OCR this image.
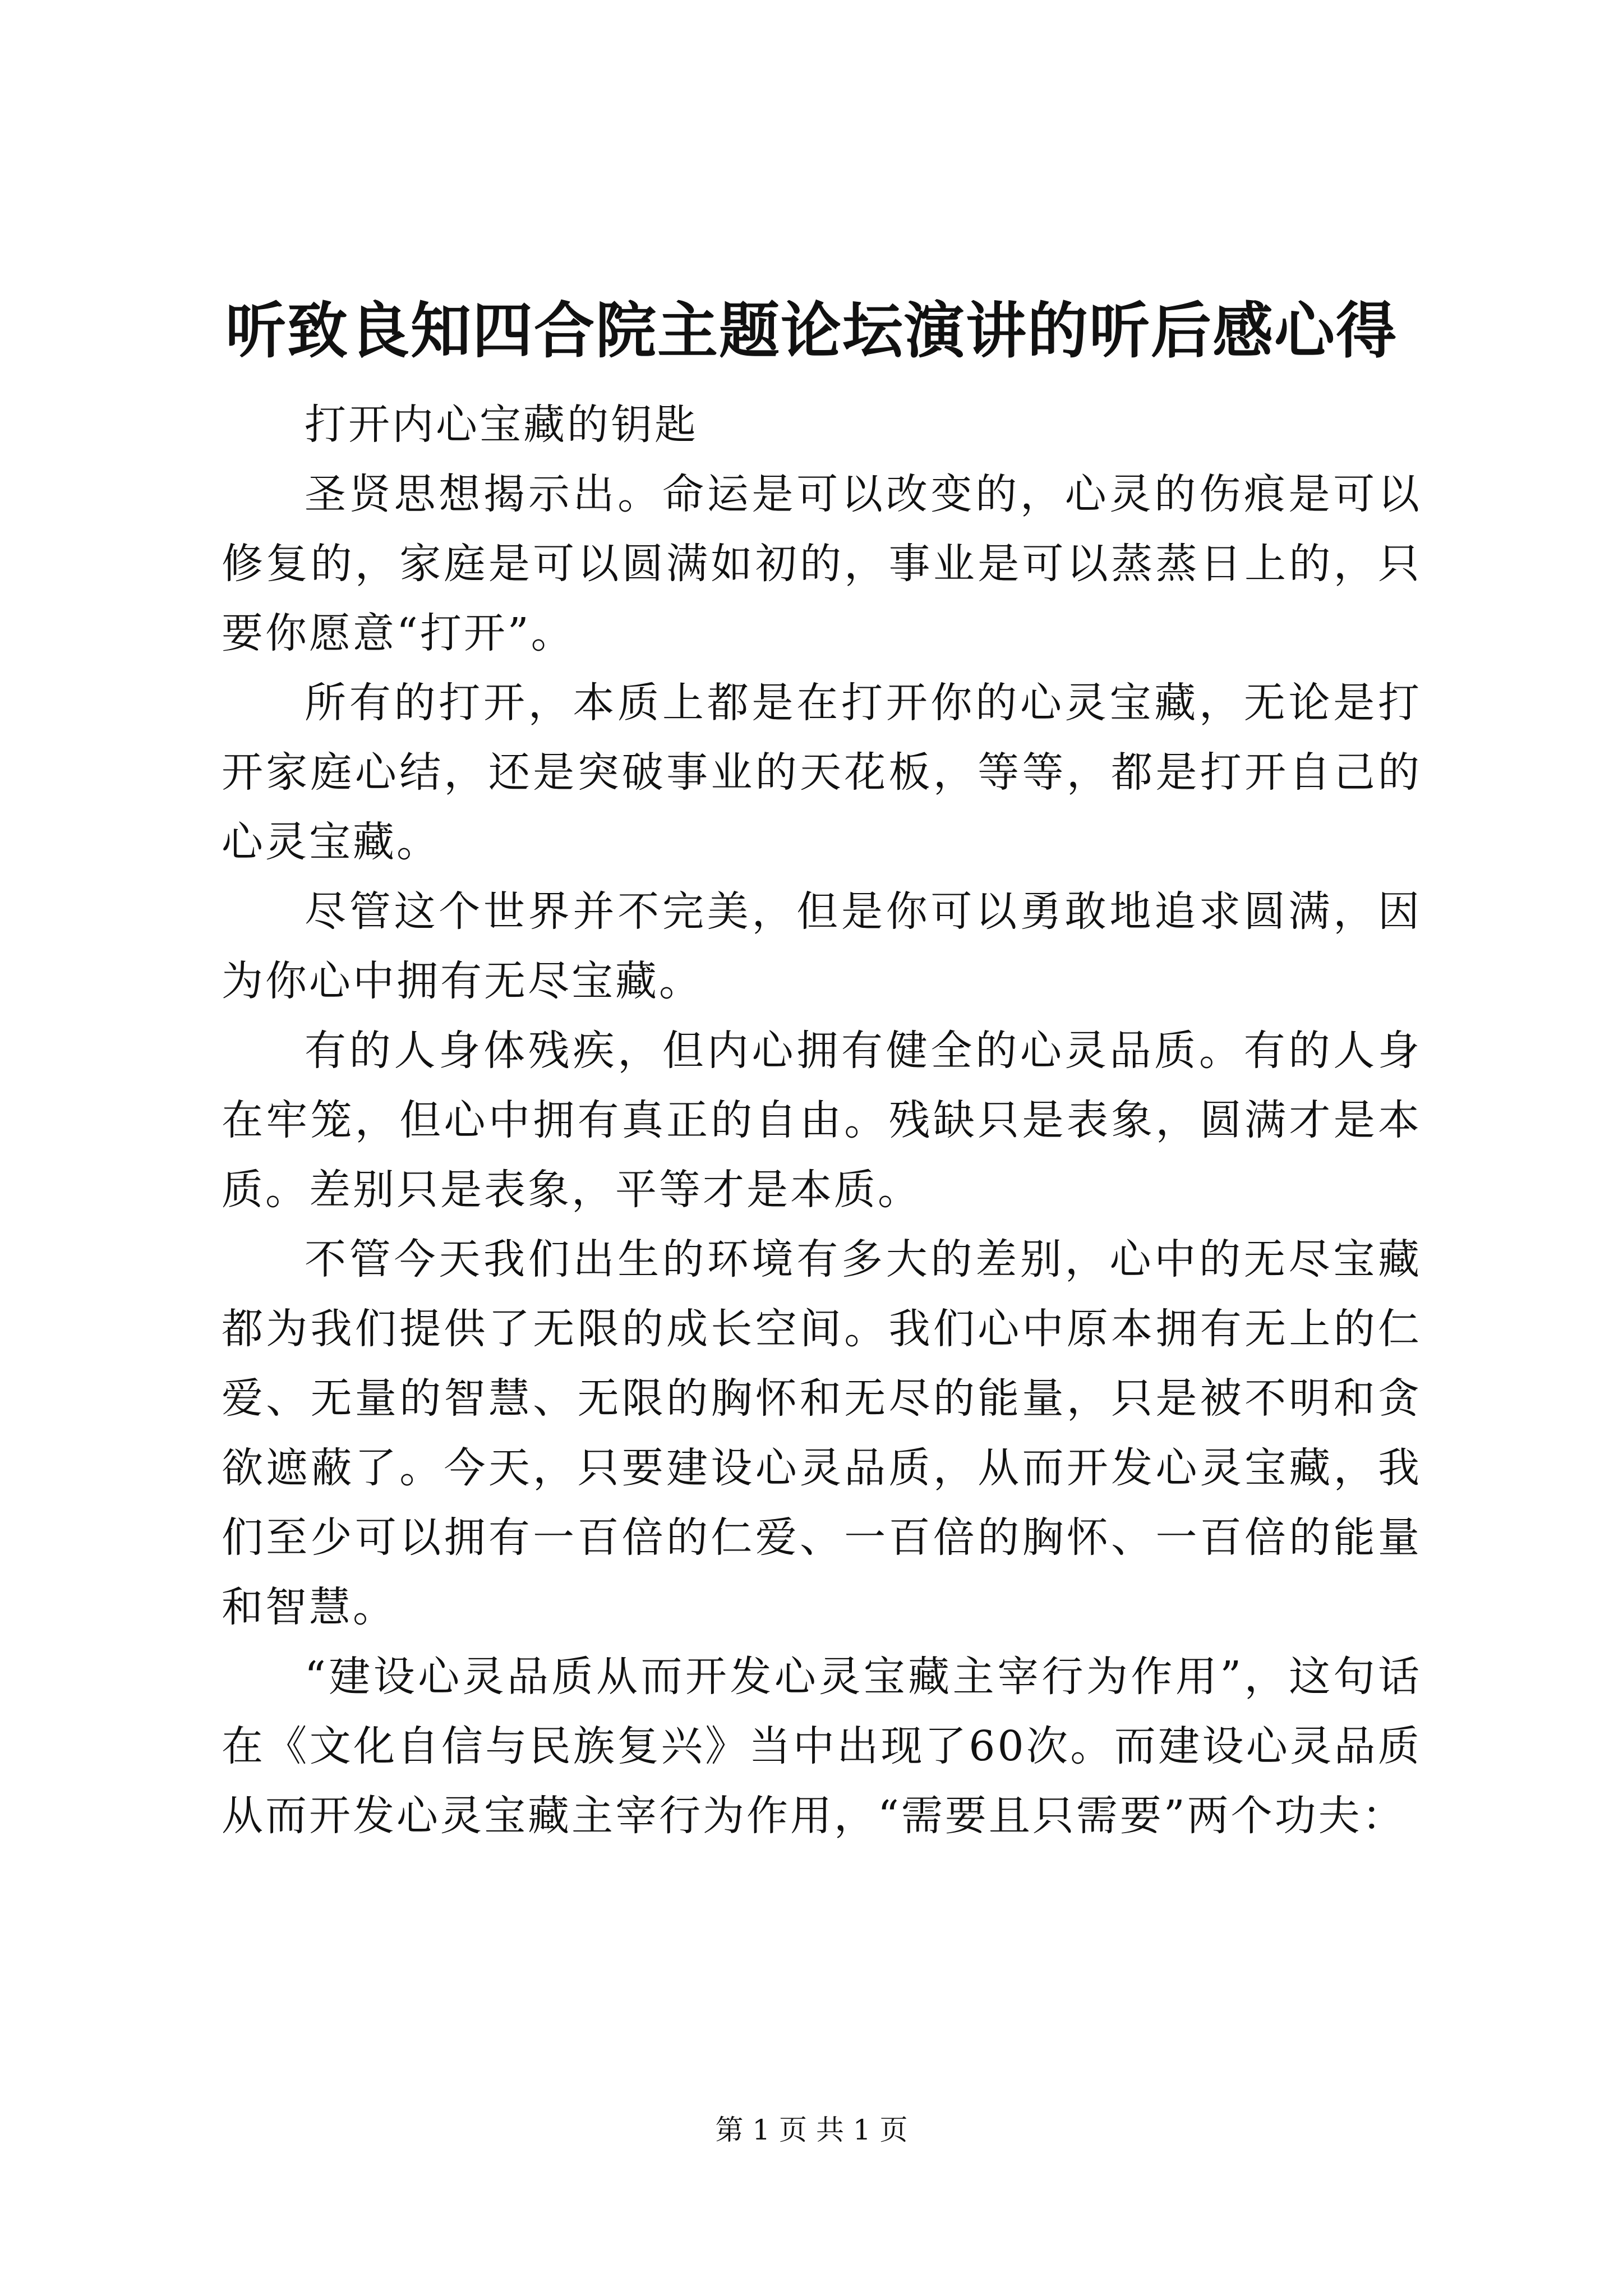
听致良知四合院主题论坛演讲的听后感心得

打开内心宝藏的钥匙

圣贤思想揭示出。命运是可以改变的，心灵的伤痕是可以修复的，家庭是可以圆满如初的，事业是可以蒸蒸日上的，只要你愿意“打开”。

所有的打开，本质上都是在打开你的心灵宝藏，无论是打开家庭心结，还是突破事业的天花板，等等，都是打开自己的心灵宝藏。

尽管这个世界并不完美，但是你可以勇敢地追求圆满，因为你心中拥有无尽宝藏。

有的人身体残疾，但内心拥有健全的心灵品质。有的人身在牢笼，但心中拥有真正的自由。残缺只是表象，圆满才是本质。差别只是表象，平等才是本质。

不管今天我们出生的环境有多大的差别，心中的无尽宝藏都为我们提供了无限的成长空间。我们心中原本拥有无上的仁爱、无量的智慧、无限的胸怀和无尽的能量，只是被不明和贪欲遮蔽了。今天，只要建设心灵品质，从而开发心灵宝藏，我们至少可以拥有一百倍的仁爱、一百倍的胸怀、一百倍的能量和智慧。

“建设心灵品质从而开发心灵宝藏主宰行为作用”，这句话在《文化自信与民族复兴》当中出现了60次。而建设心灵品质从而开发心灵宝藏主宰行为作用，“需要且只需要”两个功夫：

第 1 页 共 1 页
